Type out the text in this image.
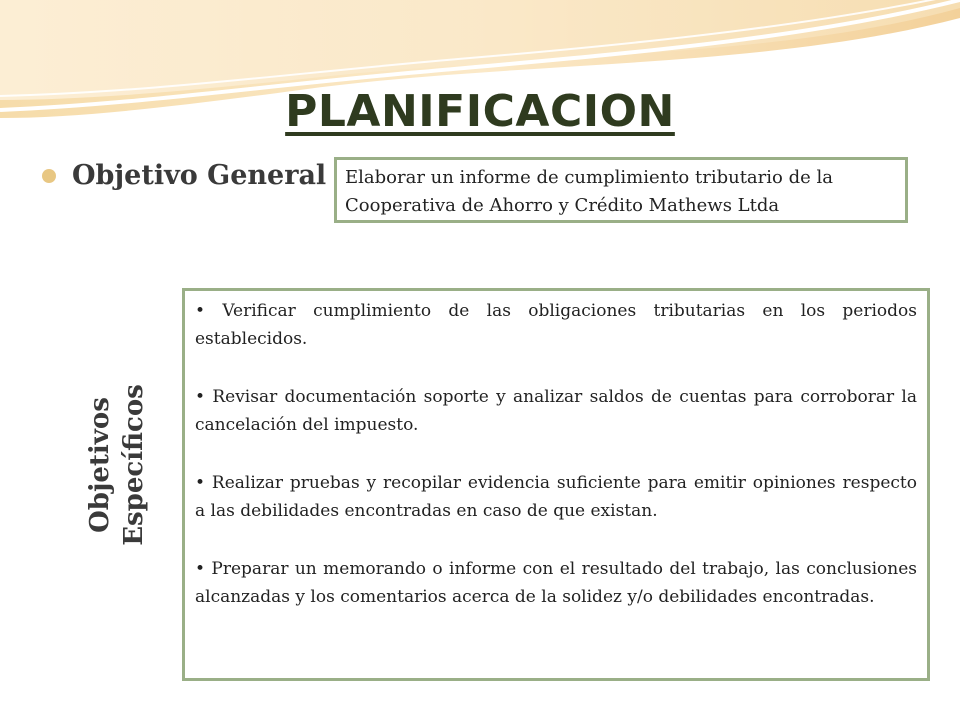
PLANIFICACION
Objetivo General	Elaborar un informe de cumplimiento tributario de la Cooperativa de Ahorro y Crédito Mathews Ltda
Objetivos Específicos
• Verificar cumplimiento de las obligaciones tributarias en los periodos establecidos.
• Revisar documentación soporte y analizar saldos de cuentas para corroborar la cancelación del impuesto.
• Realizar pruebas y recopilar evidencia suficiente para emitir opiniones respecto a las debilidades encontradas en caso de que existan.
• Preparar un memorando o informe con el resultado del trabajo, las conclusiones alcanzadas y los comentarios acerca de la solidez y/o debilidades encontradas.
